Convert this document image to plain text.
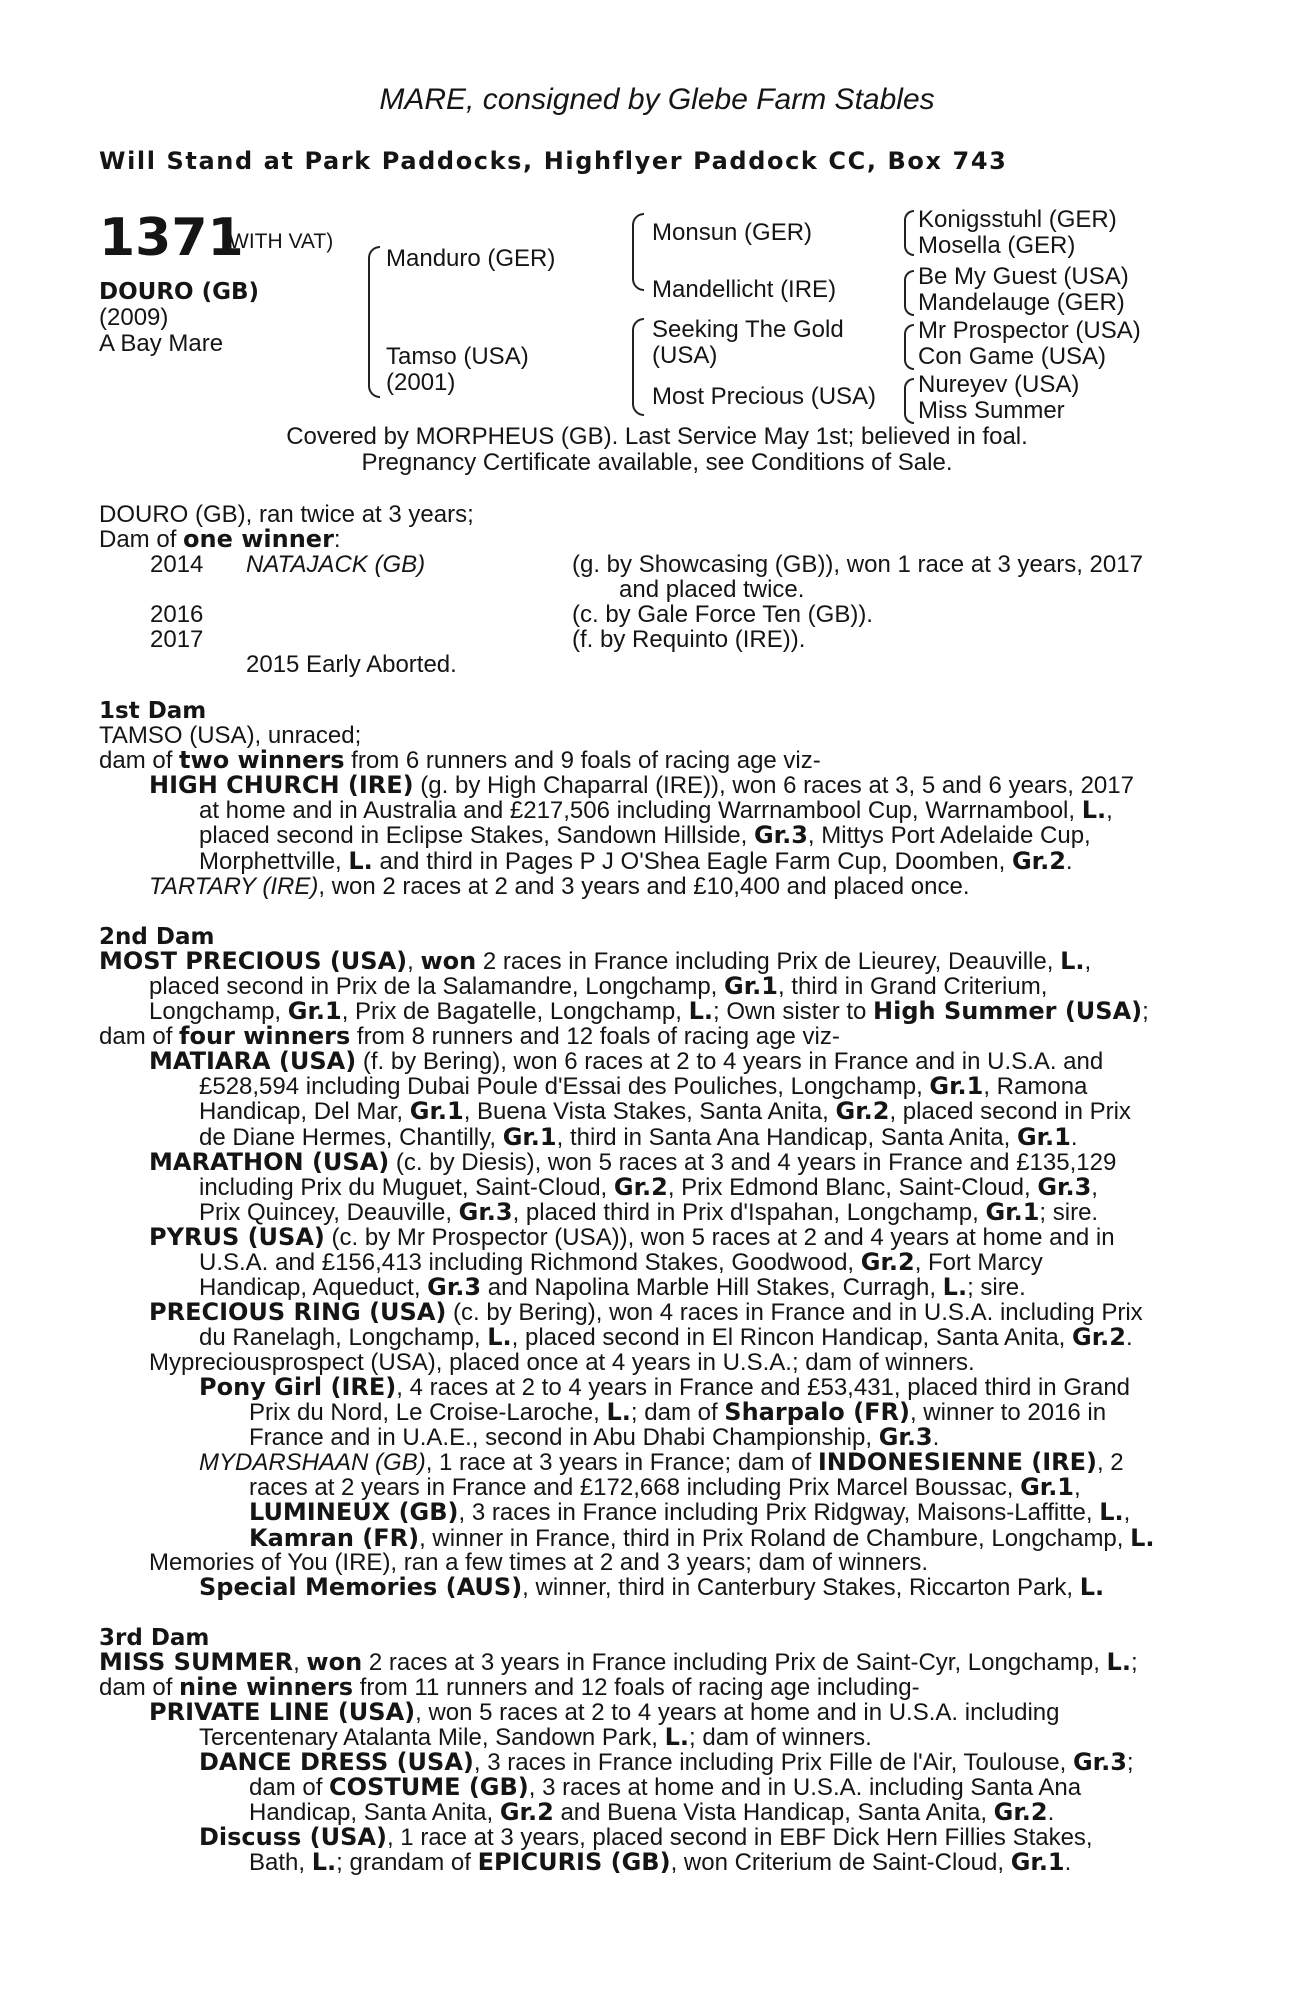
MARE, consigned by Glebe Farm Stables
Will Stand at Park Paddocks, Highflyer Paddock CC, Box 743
1371
(WITH VAT)
DOURO (GB)
(2009)
A Bay Mare
Manduro (GER)
Tamso (USA)
(2001)
Monsun (GER)
Mandellicht (IRE)
Seeking The Gold
(USA)
Most Precious (USA)
Konigsstuhl (GER)
Mosella (GER)
Be My Guest (USA)
Mandelauge (GER)
Mr Prospector (USA)
Con Game (USA)
Nureyev (USA)
Miss Summer
Covered by MORPHEUS (GB). Last Service May 1st; believed in foal.
Pregnancy Certificate available, see Conditions of Sale.
DOURO (GB), ran twice at 3 years;
Dam of one winner:
2014 NATAJACK (GB)	(g. by Showcasing (GB)), won 1 race at 3 years, 2017
and placed twice.
2016	(c. by Gale Force Ten (GB)).
2017	(f. by Requinto (IRE)).
2015 Early Aborted.
1st Dam
TAMSO (USA), unraced;
dam of two winners from 6 runners and 9 foals of racing age viz-
HIGH CHURCH (IRE) (g. by High Chaparral (IRE)), won 6 races at 3, 5 and 6 years, 2017
at home and in Australia and £217,506 including Warrnambool Cup, Warrnambool, L.,
placed second in Eclipse Stakes, Sandown Hillside, Gr.3, Mittys Port Adelaide Cup,
Morphettville, L. and third in Pages P J O'Shea Eagle Farm Cup, Doomben, Gr.2.
TARTARY (IRE), won 2 races at 2 and 3 years and £10,400 and placed once.
2nd Dam
MOST PRECIOUS (USA), won 2 races in France including Prix de Lieurey, Deauville, L.,
placed second in Prix de la Salamandre, Longchamp, Gr.1, third in Grand Criterium,
Longchamp, Gr.1, Prix de Bagatelle, Longchamp, L.; Own sister to High Summer (USA);
dam of four winners from 8 runners and 12 foals of racing age viz-
MATIARA (USA) (f. by Bering), won 6 races at 2 to 4 years in France and in U.S.A. and
£528,594 including Dubai Poule d'Essai des Pouliches, Longchamp, Gr.1, Ramona
Handicap, Del Mar, Gr.1, Buena Vista Stakes, Santa Anita, Gr.2, placed second in Prix
de Diane Hermes, Chantilly, Gr.1, third in Santa Ana Handicap, Santa Anita, Gr.1.
MARATHON (USA) (c. by Diesis), won 5 races at 3 and 4 years in France and £135,129
including Prix du Muguet, Saint-Cloud, Gr.2, Prix Edmond Blanc, Saint-Cloud, Gr.3,
Prix Quincey, Deauville, Gr.3, placed third in Prix d'Ispahan, Longchamp, Gr.1; sire.
PYRUS (USA) (c. by Mr Prospector (USA)), won 5 races at 2 and 4 years at home and in
U.S.A. and £156,413 including Richmond Stakes, Goodwood, Gr.2, Fort Marcy
Handicap, Aqueduct, Gr.3 and Napolina Marble Hill Stakes, Curragh, L.; sire.
PRECIOUS RING (USA) (c. by Bering), won 4 races in France and in U.S.A. including Prix
du Ranelagh, Longchamp, L., placed second in El Rincon Handicap, Santa Anita, Gr.2.
Mypreciousprospect (USA), placed once at 4 years in U.S.A.; dam of winners.
Pony Girl (IRE), 4 races at 2 to 4 years in France and £53,431, placed third in Grand
Prix du Nord, Le Croise-Laroche, L.; dam of Sharpalo (FR), winner to 2016 in
France and in U.A.E., second in Abu Dhabi Championship, Gr.3.
MYDARSHAAN (GB), 1 race at 3 years in France; dam of INDONESIENNE (IRE), 2
races at 2 years in France and £172,668 including Prix Marcel Boussac, Gr.1,
LUMINEUX (GB), 3 races in France including Prix Ridgway, Maisons-Laffitte, L.,
Kamran (FR), winner in France, third in Prix Roland de Chambure, Longchamp, L.
Memories of You (IRE), ran a few times at 2 and 3 years; dam of winners.
Special Memories (AUS), winner, third in Canterbury Stakes, Riccarton Park, L.
3rd Dam
MISS SUMMER, won 2 races at 3 years in France including Prix de Saint-Cyr, Longchamp, L.;
dam of nine winners from 11 runners and 12 foals of racing age including-
PRIVATE LINE (USA), won 5 races at 2 to 4 years at home and in U.S.A. including
Tercentenary Atalanta Mile, Sandown Park, L.; dam of winners.
DANCE DRESS (USA), 3 races in France including Prix Fille de l'Air, Toulouse, Gr.3;
dam of COSTUME (GB), 3 races at home and in U.S.A. including Santa Ana
Handicap, Santa Anita, Gr.2 and Buena Vista Handicap, Santa Anita, Gr.2.
Discuss (USA), 1 race at 3 years, placed second in EBF Dick Hern Fillies Stakes,
Bath, L.; grandam of EPICURIS (GB), won Criterium de Saint-Cloud, Gr.1.
